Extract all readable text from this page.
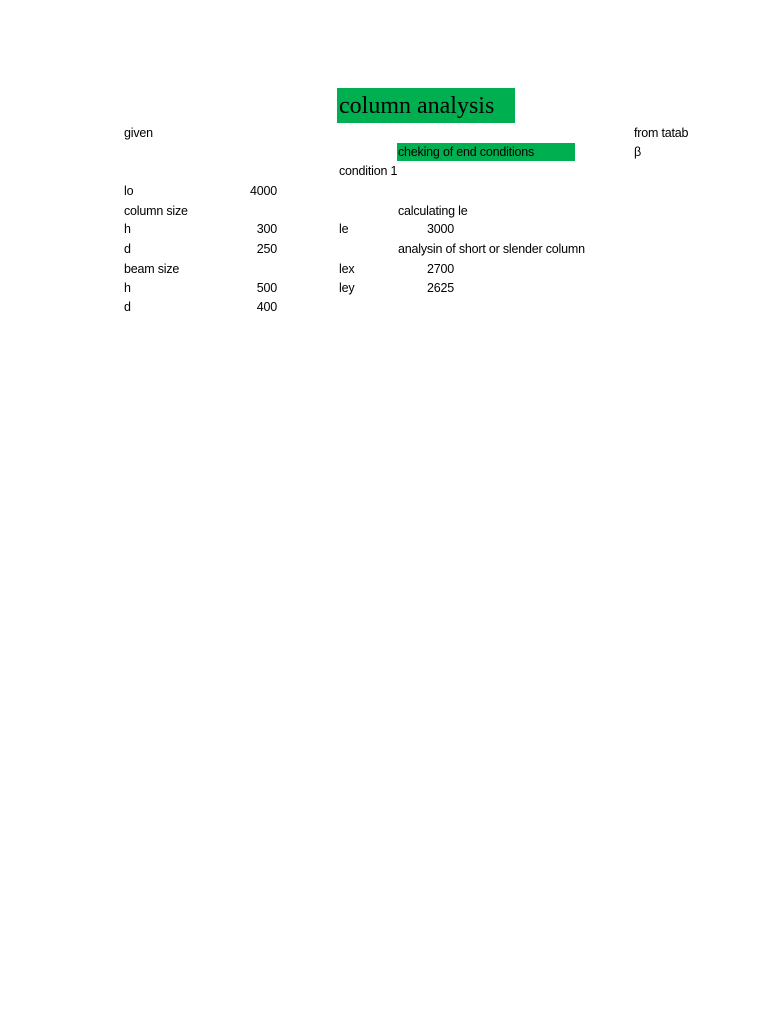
column analysis
given
lo
column size
h
d
beam size
h
d
4000
300
250
500
400
condition 1
le
lex
ley
cheking of end conditions
calculating le
3000
analysin of short or slender column
2700
2625
from tatab
β
